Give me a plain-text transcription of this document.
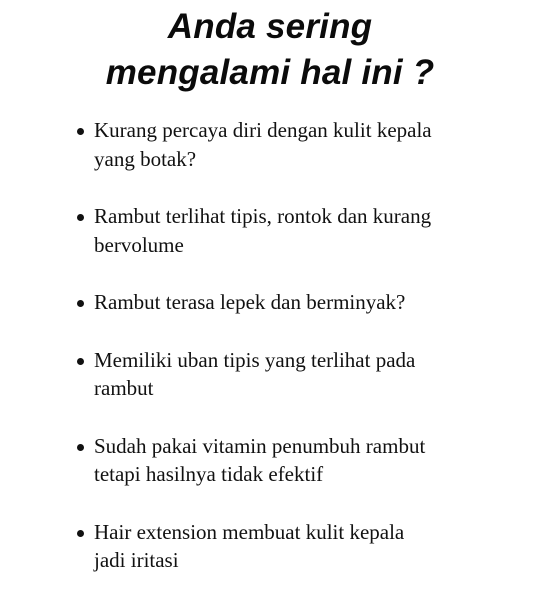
Anda sering
mengalami hal ini ?
Kurang percaya diri dengan kulit kepala
yang botak?
Rambut terlihat tipis, rontok dan kurang
bervolume
Rambut terasa lepek dan berminyak?
Memiliki uban tipis yang terlihat pada
rambut
Sudah pakai vitamin penumbuh rambut
tetapi hasilnya tidak efektif
Hair extension membuat kulit kepala
jadi iritasi
